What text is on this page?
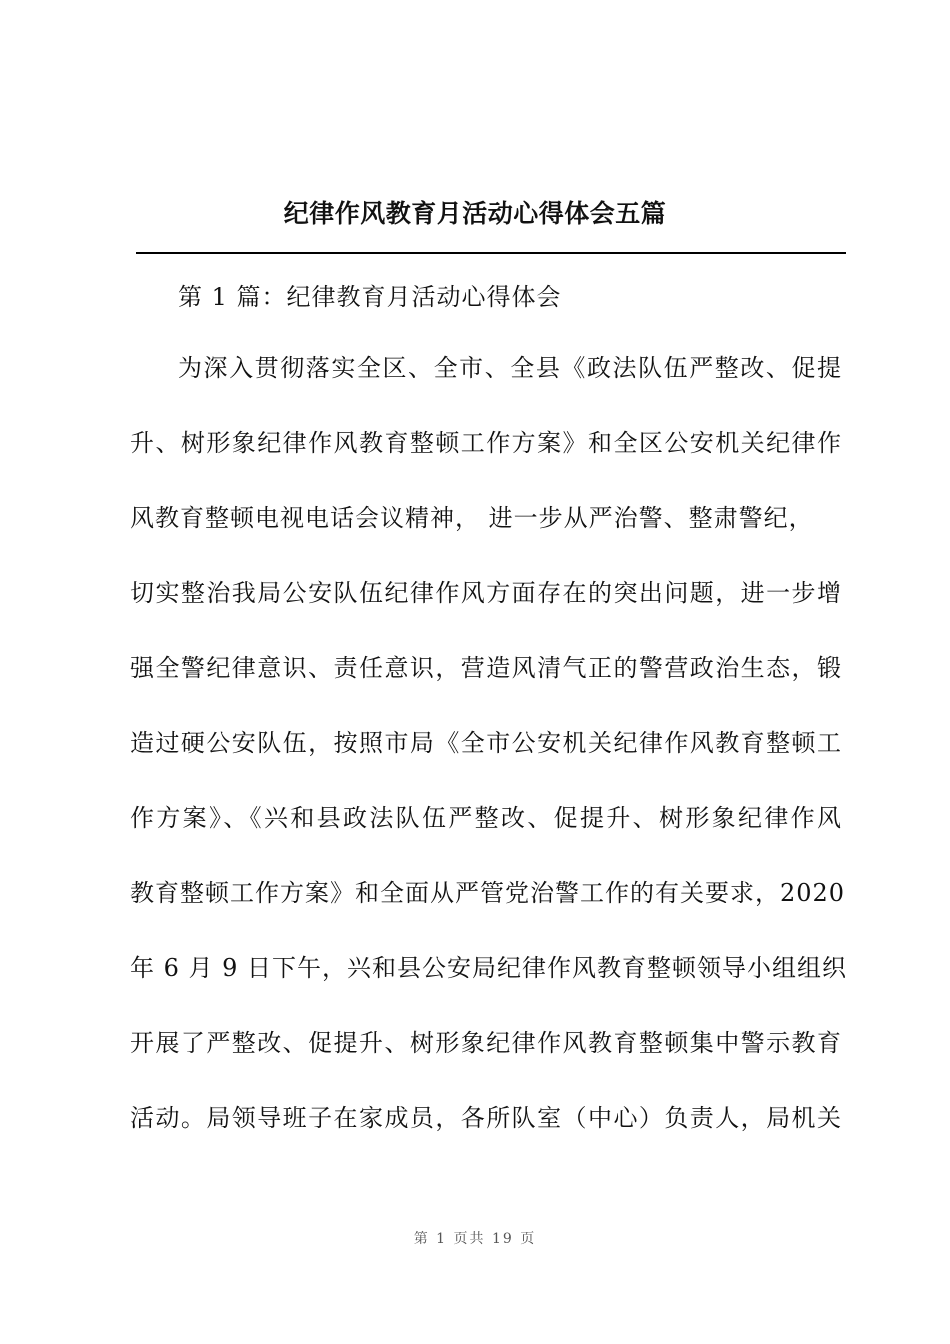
纪律作风教育月活动心得体会五篇
第 1 篇：纪律教育月活动心得体会
为深入贯彻落实全区、全市、全县《政法队伍严整改、促提
升、树形象纪律作风教育整顿工作方案》和全区公安机关纪律作
风教育整顿电视电话会议精神， 进一步从严治警、整肃警纪，
切实整治我局公安队伍纪律作风方面存在的突出问题，进一步增
强全警纪律意识、责任意识，营造风清气正的警营政治生态，锻
造过硬公安队伍，按照市局《全市公安机关纪律作风教育整顿工
作方案》、《兴和县政法队伍严整改、促提升、树形象纪律作风
教育整顿工作方案》和全面从严管党治警工作的有关要求，2020
年 6 月 9 日下午，兴和县公安局纪律作风教育整顿领导小组组织
开展了严整改、促提升、树形象纪律作风教育整顿集中警示教育
活动。局领导班子在家成员，各所队室（中心）负责人，局机关
第 1 页共 19 页
